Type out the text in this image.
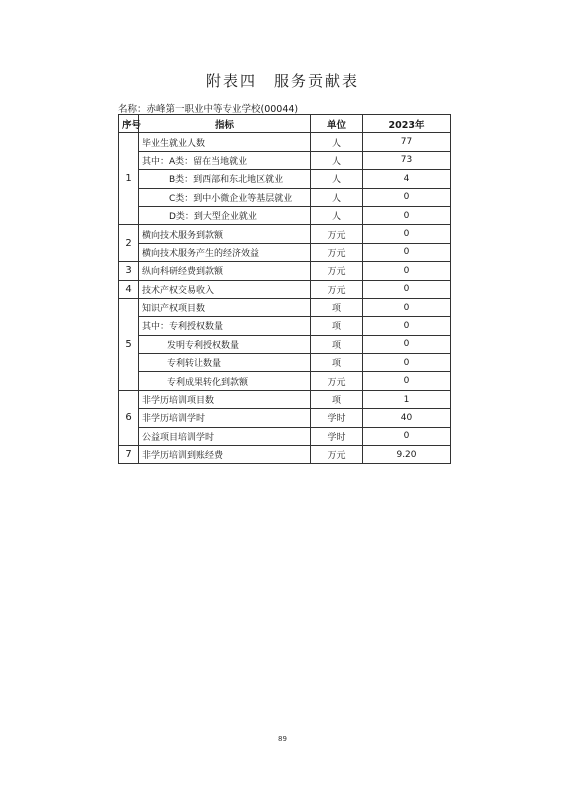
附表四　服务贡献表
名称：赤峰第一职业中等专业学校(00044)
序号	指标	单位	2023年
1	毕业生就业人数	人	77
	其中：A类：留在当地就业	人	73
	B类：到西部和东北地区就业	人	4
	C类：到中小微企业等基层就业	人	0
	D类：到大型企业就业	人	0
2	横向技术服务到款额	万元	0
	横向技术服务产生的经济效益	万元	0
3	纵向科研经费到款额	万元	0
4	技术产权交易收入	万元	0
5	知识产权项目数	项	0
	其中：专利授权数量	项	0
	发明专利授权数量	项	0
	专利转让数量	项	0
	专利成果转化到款额	万元	0
6	非学历培训项目数	项	1
	非学历培训学时	学时	40
	公益项目培训学时	学时	0
7	非学历培训到账经费	万元	9.20
89
